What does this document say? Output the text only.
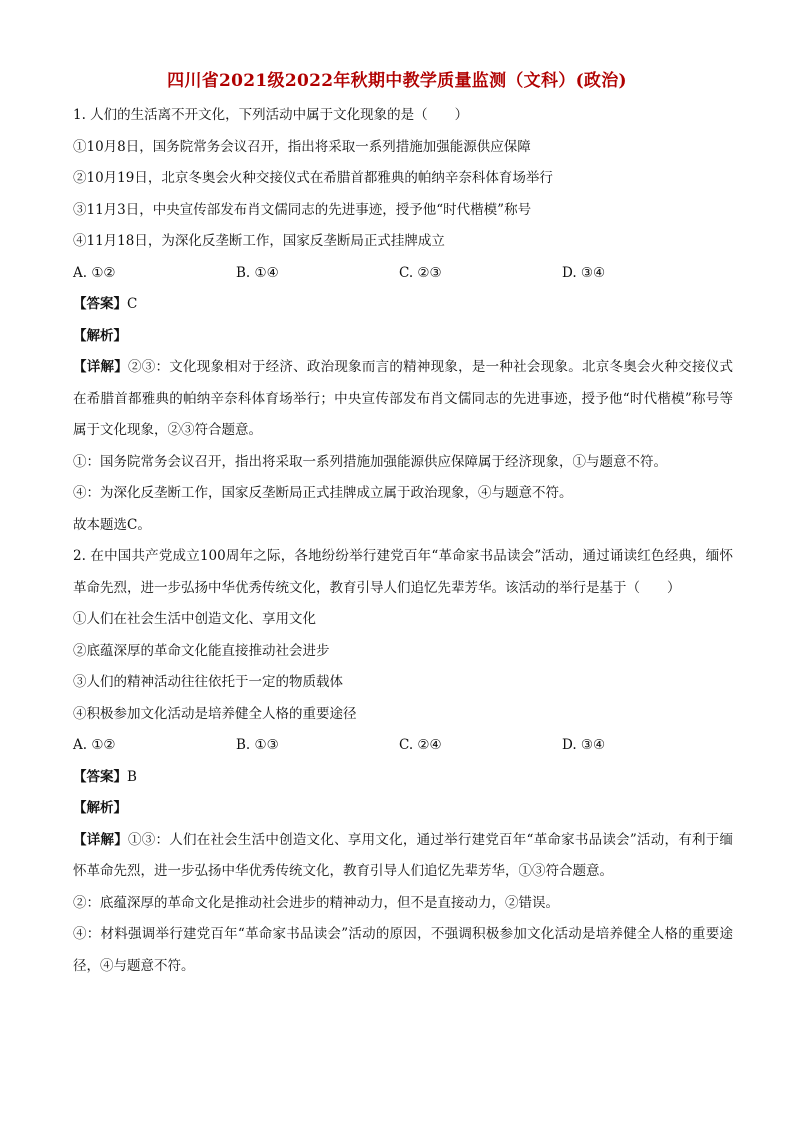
四川省2021级2022年秋期中教学质量监测（文科）(政治)
1. 人们的生活离不开文化，下列活动中属于文化现象的是（　　）
①10月8日，国务院常务会议召开，指出将采取一系列措施加强能源供应保障
②10月19日，北京冬奥会火种交接仪式在希腊首都雅典的帕纳辛奈科体育场举行
③11月3日，中央宣传部发布肖文儒同志的先进事迹，授予他“时代楷模”称号
④11月18日，为深化反垄断工作，国家反垄断局正式挂牌成立
A. ①②	B. ①④	C. ②③	D. ③④
【答案】C
【解析】
【详解】②③：文化现象相对于经济、政治现象而言的精神现象，是一种社会现象。北京冬奥会火种交接仪式在希腊首都雅典的帕纳辛奈科体育场举行；中央宣传部发布肖文儒同志的先进事迹，授予他“时代楷模”称号等属于文化现象，②③符合题意。
①：国务院常务会议召开，指出将采取一系列措施加强能源供应保障属于经济现象，①与题意不符。
④：为深化反垄断工作，国家反垄断局正式挂牌成立属于政治现象，④与题意不符。
故本题选C。
2. 在中国共产党成立100周年之际，各地纷纷举行建党百年“革命家书品读会”活动，通过诵读红色经典，缅怀革命先烈，进一步弘扬中华优秀传统文化，教育引导人们追忆先辈芳华。该活动的举行是基于（　　）
①人们在社会生活中创造文化、享用文化
②底蕴深厚的革命文化能直接推动社会进步
③人们的精神活动往往依托于一定的物质载体
④积极参加文化活动是培养健全人格的重要途径
A. ①②	B. ①③	C. ②④	D. ③④
【答案】B
【解析】
【详解】①③：人们在社会生活中创造文化、享用文化，通过举行建党百年“革命家书品读会”活动，有利于缅怀革命先烈，进一步弘扬中华优秀传统文化，教育引导人们追忆先辈芳华，①③符合题意。
②：底蕴深厚的革命文化是推动社会进步的精神动力，但不是直接动力，②错误。
④：材料强调举行建党百年“革命家书品读会”活动的原因，不强调积极参加文化活动是培养健全人格的重要途径，④与题意不符。
